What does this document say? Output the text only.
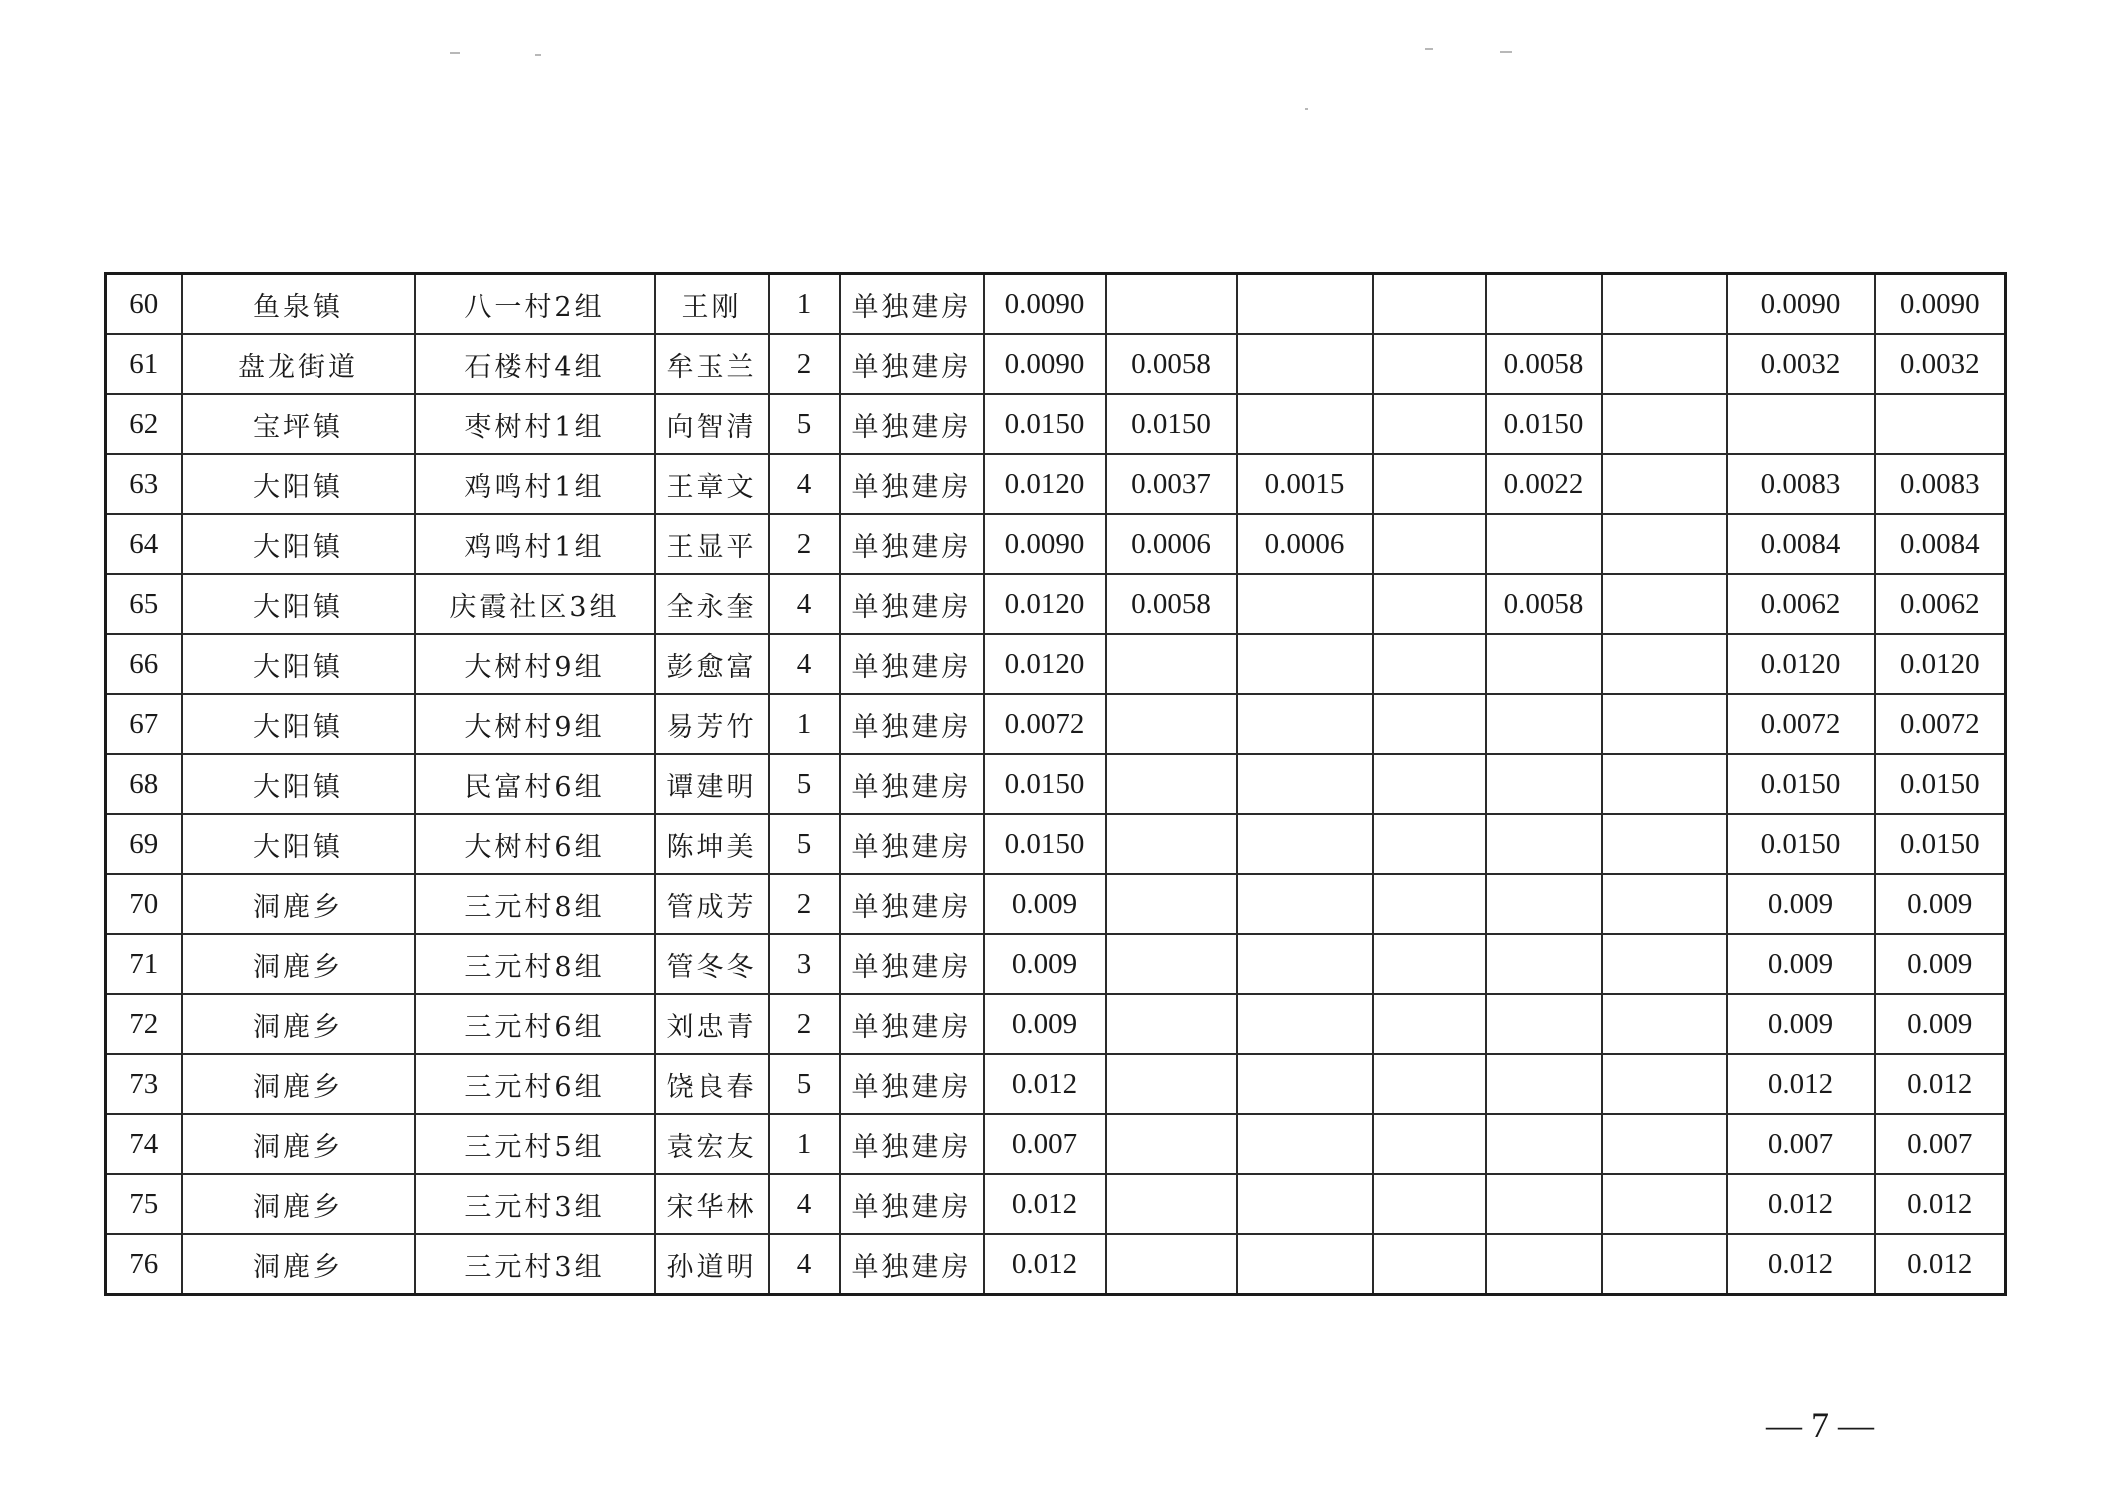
60	鱼泉镇	八一村2组	王刚	1	单独建房	0.0090						0.0090	0.0090
61	盘龙街道	石楼村4组	牟玉兰	2	单独建房	0.0090	0.0058			0.0058		0.0032	0.0032
62	宝坪镇	枣树村1组	向智清	5	单独建房	0.0150	0.0150			0.0150			
63	大阳镇	鸡鸣村1组	王章文	4	单独建房	0.0120	0.0037	0.0015		0.0022		0.0083	0.0083
64	大阳镇	鸡鸣村1组	王显平	2	单独建房	0.0090	0.0006	0.0006				0.0084	0.0084
65	大阳镇	庆霞社区3组	全永奎	4	单独建房	0.0120	0.0058			0.0058		0.0062	0.0062
66	大阳镇	大树村9组	彭愈富	4	单独建房	0.0120						0.0120	0.0120
67	大阳镇	大树村9组	易芳竹	1	单独建房	0.0072						0.0072	0.0072
68	大阳镇	民富村6组	谭建明	5	单独建房	0.0150						0.0150	0.0150
69	大阳镇	大树村6组	陈坤美	5	单独建房	0.0150						0.0150	0.0150
70	洞鹿乡	三元村8组	管成芳	2	单独建房	0.009						0.009	0.009
71	洞鹿乡	三元村8组	管冬冬	3	单独建房	0.009						0.009	0.009
72	洞鹿乡	三元村6组	刘忠青	2	单独建房	0.009						0.009	0.009
73	洞鹿乡	三元村6组	饶良春	5	单独建房	0.012						0.012	0.012
74	洞鹿乡	三元村5组	袁宏友	1	单独建房	0.007						0.007	0.007
75	洞鹿乡	三元村3组	宋华林	4	单独建房	0.012						0.012	0.012
76	洞鹿乡	三元村3组	孙道明	4	单独建房	0.012						0.012	0.012
— 7 —
